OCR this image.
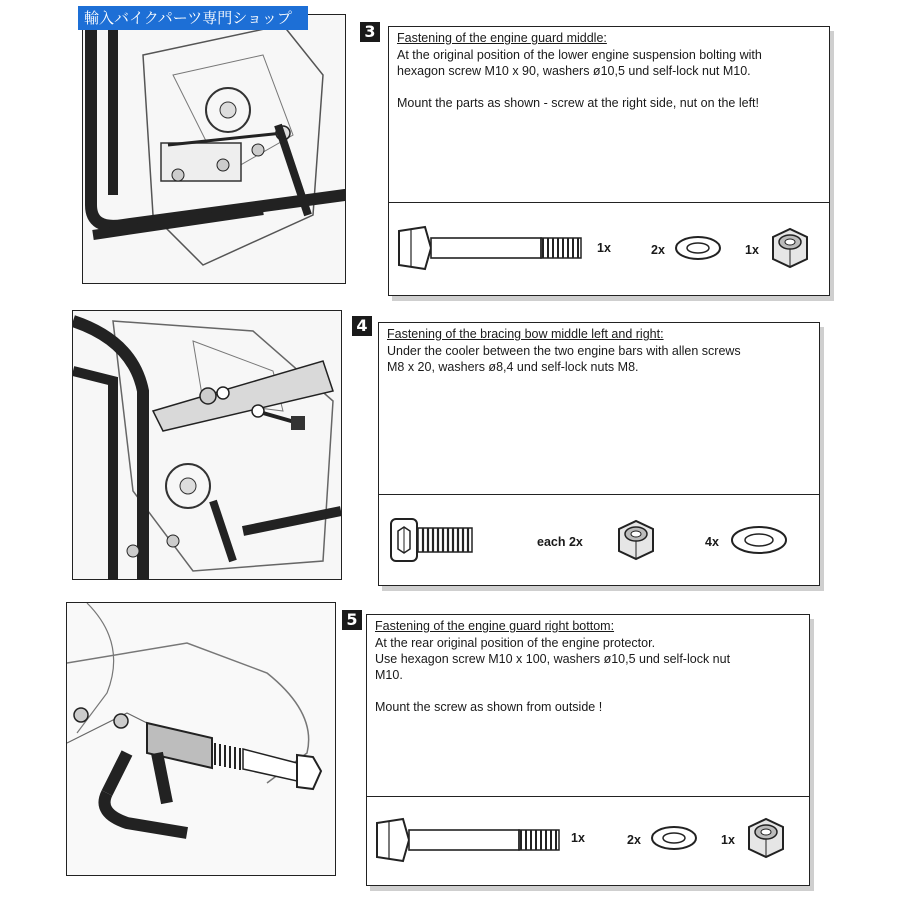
輸入バイクパーツ専門ショップ
3	Fastening of the engine guard middle:

At the original position of the lower engine suspension bolting with

hexagon screw M10 x 90, washers ø10,5 und self-lock nut M10.

Mount the parts as shown - screw at the right side, nut on the left!

1x	2x	1x
4	Fastening of the bracing bow middle left and right:

Under the cooler between the two engine bars with allen screws

M8 x 20, washers ø8,4 und self-lock nuts M8.

each 2x	4x
5	Fastening of the engine guard right bottom:

At the rear original position of the engine protector.

Use hexagon screw M10 x 100, washers ø10,5 und self-lock nut

M10.

Mount the screw as shown from outside !

1x	2x	1x
